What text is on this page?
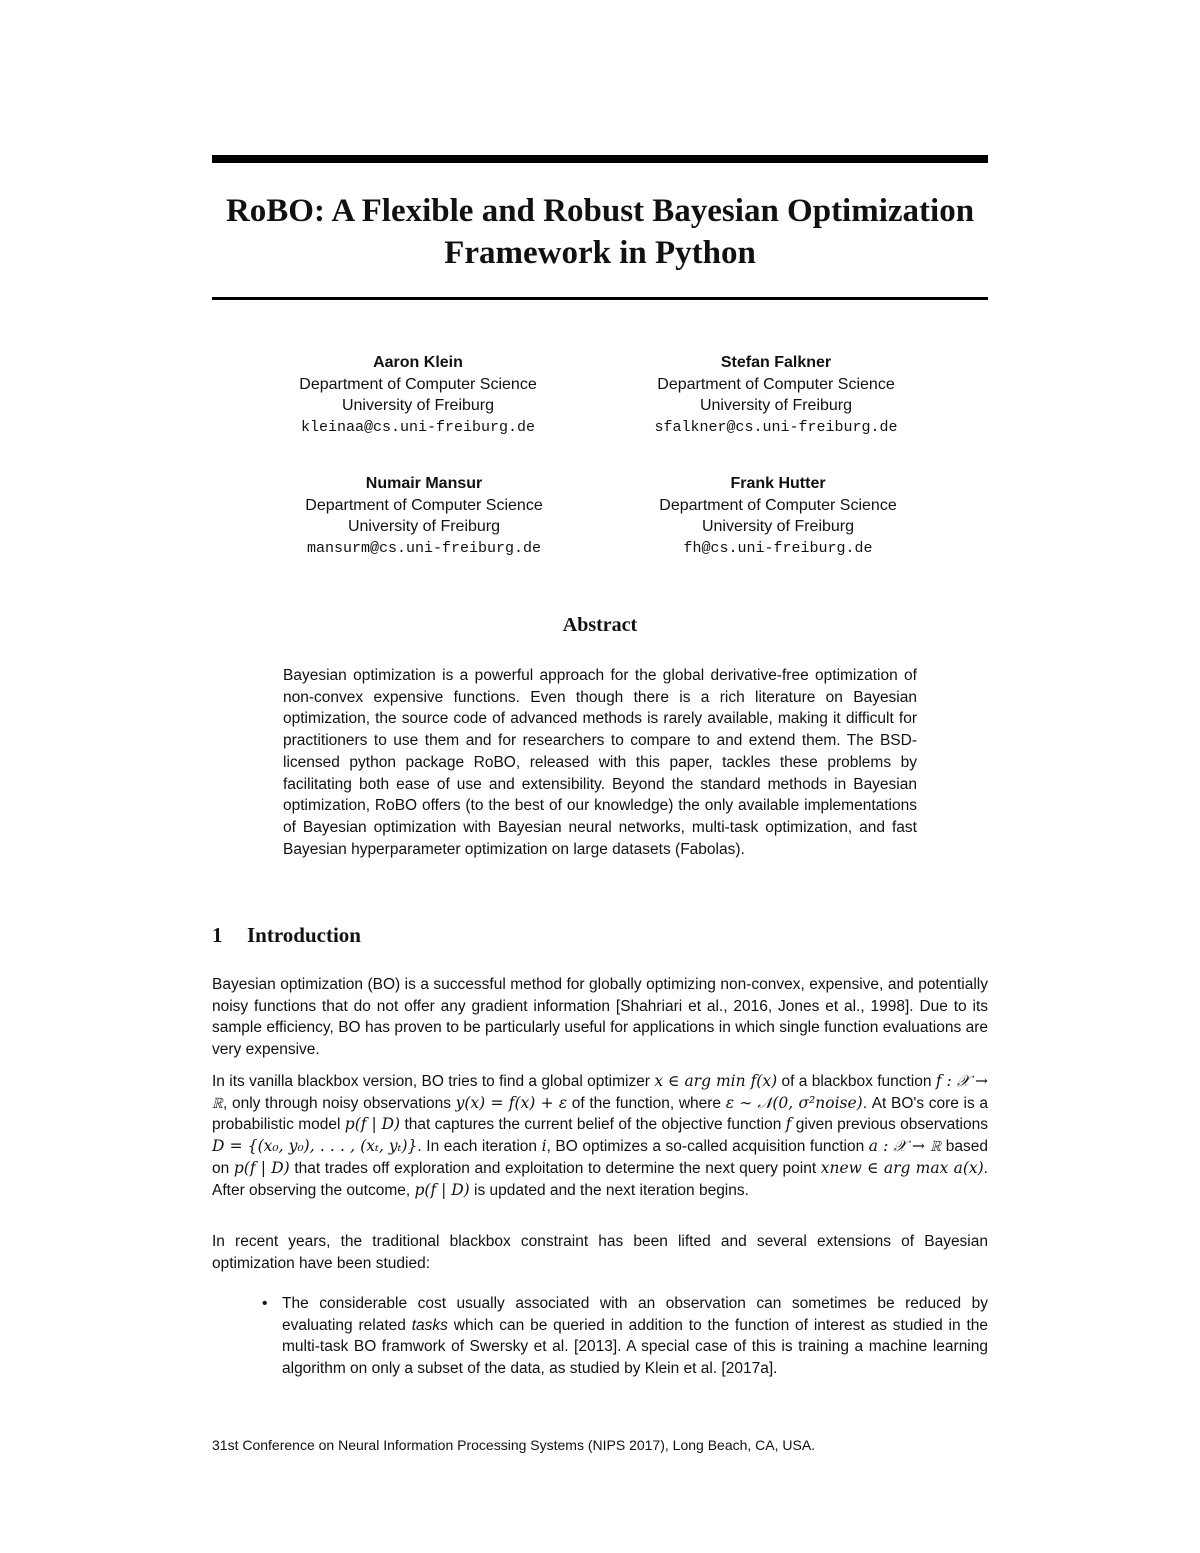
RoBO: A Flexible and Robust Bayesian Optimization Framework in Python
Aaron Klein
Department of Computer Science
University of Freiburg
kleinaa@cs.uni-freiburg.de
Stefan Falkner
Department of Computer Science
University of Freiburg
sfalkner@cs.uni-freiburg.de
Numair Mansur
Department of Computer Science
University of Freiburg
mansurm@cs.uni-freiburg.de
Frank Hutter
Department of Computer Science
University of Freiburg
fh@cs.uni-freiburg.de
Abstract

Bayesian optimization is a powerful approach for the global derivative-free optimization of non-convex expensive functions. Even though there is a rich literature on Bayesian optimization, the source code of advanced methods is rarely available, making it difficult for practitioners to use them and for researchers to compare to and extend them. The BSD-licensed python package RoBO, released with this paper, tackles these problems by facilitating both ease of use and extensibility. Beyond the standard methods in Bayesian optimization, RoBO offers (to the best of our knowledge) the only available implementations of Bayesian optimization with Bayesian neural networks, multi-task optimization, and fast Bayesian hyperparameter optimization on large datasets (Fabolas).

1 Introduction

Bayesian optimization (BO) is a successful method for globally optimizing non-convex, expensive, and potentially noisy functions that do not offer any gradient information [Shahriari et al., 2016, Jones et al., 1998]. Due to its sample efficiency, BO has proven to be particularly useful for applications in which single function evaluations are very expensive.

In its vanilla blackbox version, BO tries to find a global optimizer x ∈ arg min f(x) of a blackbox function f : 𝒳 → ℝ, only through noisy observations y(x) = f(x) + ε of the function, where ε ∼ 𝒩(0, σ²noise). At BO's core is a probabilistic model p(f | D) that captures the current belief of the objective function f given previous observations D = {(x₀, y₀), . . . , (xₜ, yₜ)}. In each iteration i, BO optimizes a so-called acquisition function a : 𝒳 → ℝ based on p(f | D) that trades off exploration and exploitation to determine the next query point xnew ∈ arg max a(x). After observing the outcome, p(f | D) is updated and the next iteration begins.

In recent years, the traditional blackbox constraint has been lifted and several extensions of Bayesian optimization have been studied:

• The considerable cost usually associated with an observation can sometimes be reduced by evaluating related tasks which can be queried in addition to the function of interest as studied in the multi-task BO framwork of Swersky et al. [2013]. A special case of this is training a machine learning algorithm on only a subset of the data, as studied by Klein et al. [2017a].

31st Conference on Neural Information Processing Systems (NIPS 2017), Long Beach, CA, USA.
